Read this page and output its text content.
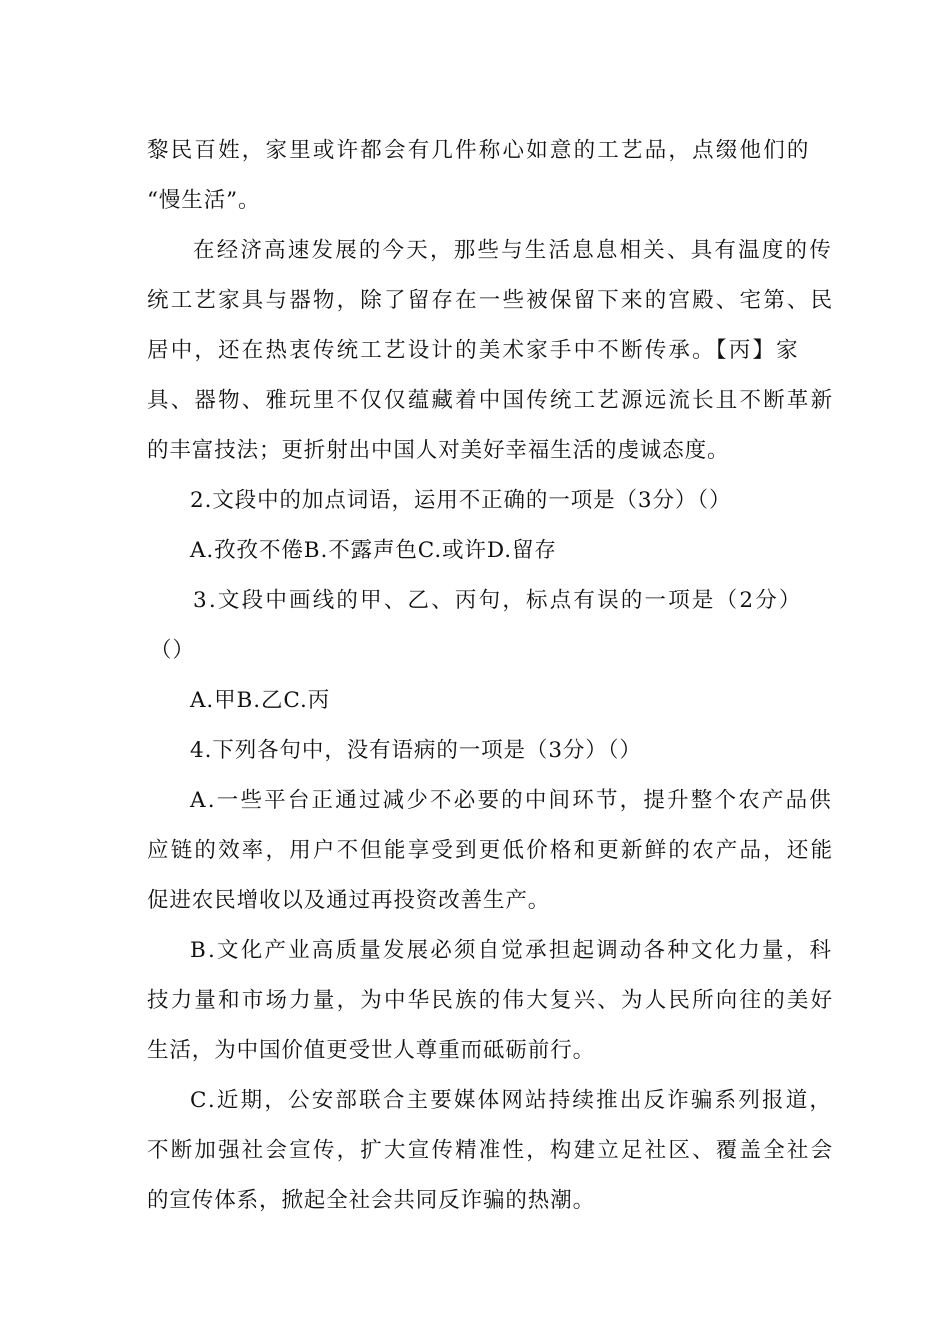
黎民百姓，家里或许都会有几件称心如意的工艺品，点缀他们的
“慢生活”。
在经济高速发展的今天，那些与生活息息相关、具有温度的传
统工艺家具与器物，除了留存在一些被保留下来的宫殿、宅第、民
居中，还在热衷传统工艺设计的美术家手中不断传承。【丙】家
具、器物、雅玩里不仅仅蕴藏着中国传统工艺源远流长且不断革新
的丰富技法；更折射出中国人对美好幸福生活的虔诚态度。
2.文段中的加点词语，运用不正确的一项是（3分）（）
A.孜孜不倦B.不露声色C.或许D.留存
3.文段中画线的甲、乙、丙句，标点有误的一项是（2分）
（）
A.甲B.乙C.丙
4.下列各句中，没有语病的一项是（3分）（）
A.一些平台正通过减少不必要的中间环节，提升整个农产品供
应链的效率，用户不但能享受到更低价格和更新鲜的农产品，还能
促进农民增收以及通过再投资改善生产。
B.文化产业高质量发展必须自觉承担起调动各种文化力量，科
技力量和市场力量，为中华民族的伟大复兴、为人民所向往的美好
生活，为中国价值更受世人尊重而砥砺前行。
C.近期，公安部联合主要媒体网站持续推出反诈骗系列报道，
不断加强社会宣传，扩大宣传精准性，构建立足社区、覆盖全社会
的宣传体系，掀起全社会共同反诈骗的热潮。
